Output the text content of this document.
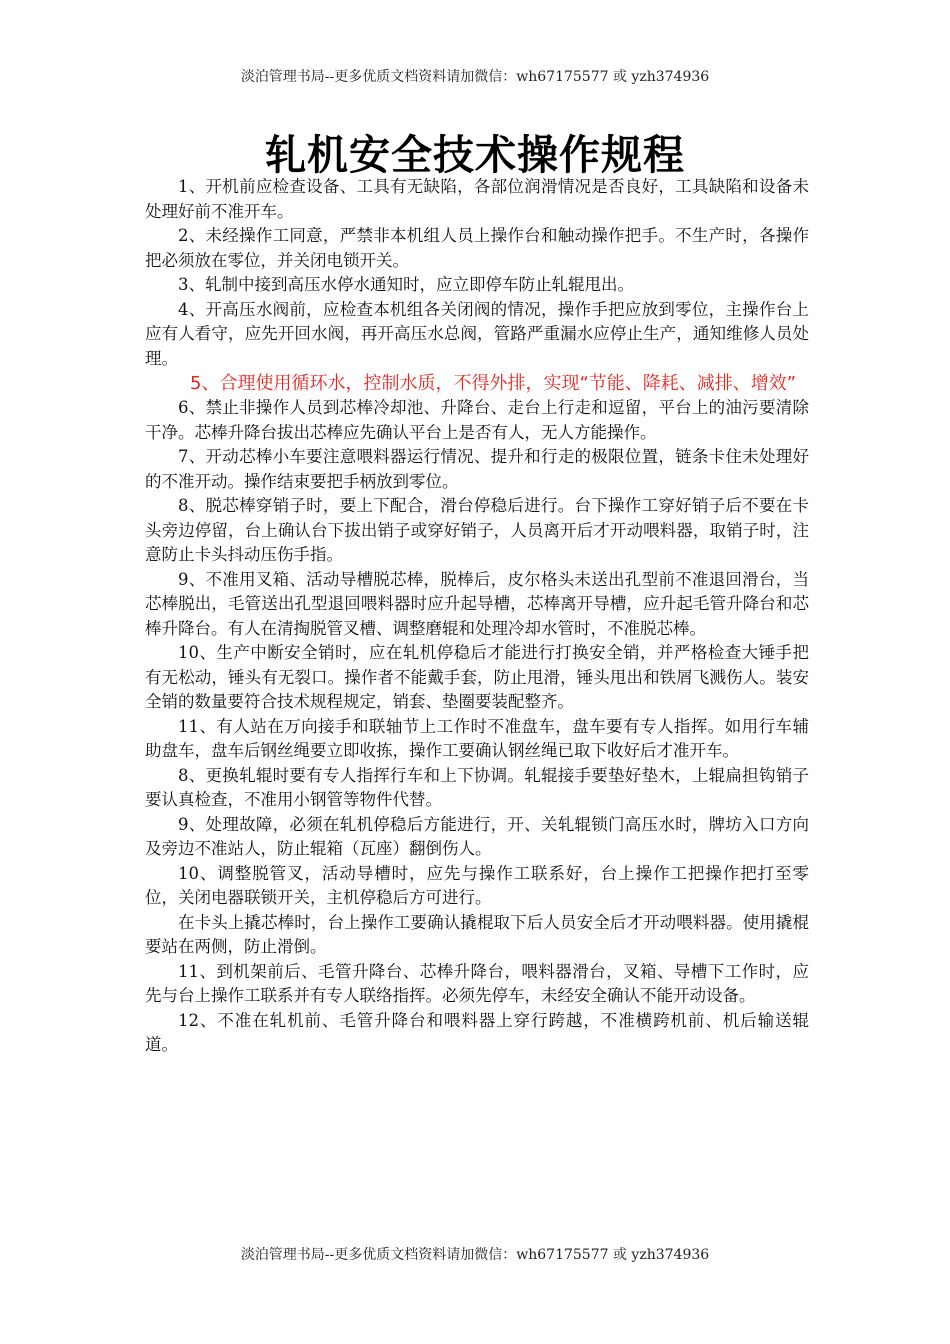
淡泊管理书局--更多优质文档资料请加微信：wh67175577 或 yzh374936
轧机安全技术操作规程

1、开机前应检查设备、工具有无缺陷，各部位润滑情况是否良好，工具缺陷和设备未处理好前不准开车。

2、未经操作工同意，严禁非本机组人员上操作台和触动操作把手。不生产时，各操作把必须放在零位，并关闭电锁开关。

3、轧制中接到高压水停水通知时，应立即停车防止轧辊甩出。

4、开高压水阀前，应检查本机组各关闭阀的情况，操作手把应放到零位，主操作台上应有人看守，应先开回水阀，再开高压水总阀，管路严重漏水应停止生产，通知维修人员处理。

5、合理使用循环水，控制水质，不得外排，实现“节能、降耗、减排、增效”

6、禁止非操作人员到芯棒冷却池、升降台、走台上行走和逗留，平台上的油污要清除干净。芯棒升降台拔出芯棒应先确认平台上是否有人，无人方能操作。

7、开动芯棒小车要注意喂料器运行情况、提升和行走的极限位置，链条卡住未处理好的不准开动。操作结束要把手柄放到零位。

8、脱芯棒穿销子时，要上下配合，滑台停稳后进行。台下操作工穿好销子后不要在卡头旁边停留，台上确认台下拔出销子或穿好销子，人员离开后才开动喂料器，取销子时，注意防止卡头抖动压伤手指。

9、不准用叉箱、活动导槽脱芯棒，脱棒后，皮尔格头未送出孔型前不准退回滑台，当芯棒脱出，毛管送出孔型退回喂料器时应升起导槽，芯棒离开导槽，应升起毛管升降台和芯棒升降台。有人在清掏脱管叉槽、调整磨辊和处理冷却水管时，不准脱芯棒。

10、生产中断安全销时，应在轧机停稳后才能进行打换安全销，并严格检查大锤手把有无松动，锤头有无裂口。操作者不能戴手套，防止甩滑，锤头甩出和铁屑飞溅伤人。装安全销的数量要符合技术规程规定，销套、垫圈要装配整齐。

11、有人站在万向接手和联轴节上工作时不准盘车，盘车要有专人指挥。如用行车辅助盘车，盘车后钢丝绳要立即收拣，操作工要确认钢丝绳已取下收好后才准开车。

8、更换轧辊时要有专人指挥行车和上下协调。轧辊接手要垫好垫木，上辊扁担钩销子要认真检查，不准用小钢管等物件代替。

9、处理故障，必须在轧机停稳后方能进行，开、关轧辊锁门高压水时，牌坊入口方向及旁边不准站人，防止辊箱（瓦座）翻倒伤人。

10、调整脱管叉，活动导槽时，应先与操作工联系好，台上操作工把操作把打至零位，关闭电器联锁开关，主机停稳后方可进行。

在卡头上撬芯棒时，台上操作工要确认撬棍取下后人员安全后才开动喂料器。使用撬棍要站在两侧，防止滑倒。

11、到机架前后、毛管升降台、芯棒升降台，喂料器滑台，叉箱、导槽下工作时，应先与台上操作工联系并有专人联络指挥。必须先停车，未经安全确认不能开动设备。

12、不准在轧机前、毛管升降台和喂料器上穿行跨越，不准横跨机前、机后输送辊道。

淡泊管理书局--更多优质文档资料请加微信：wh67175577 或 yzh374936
